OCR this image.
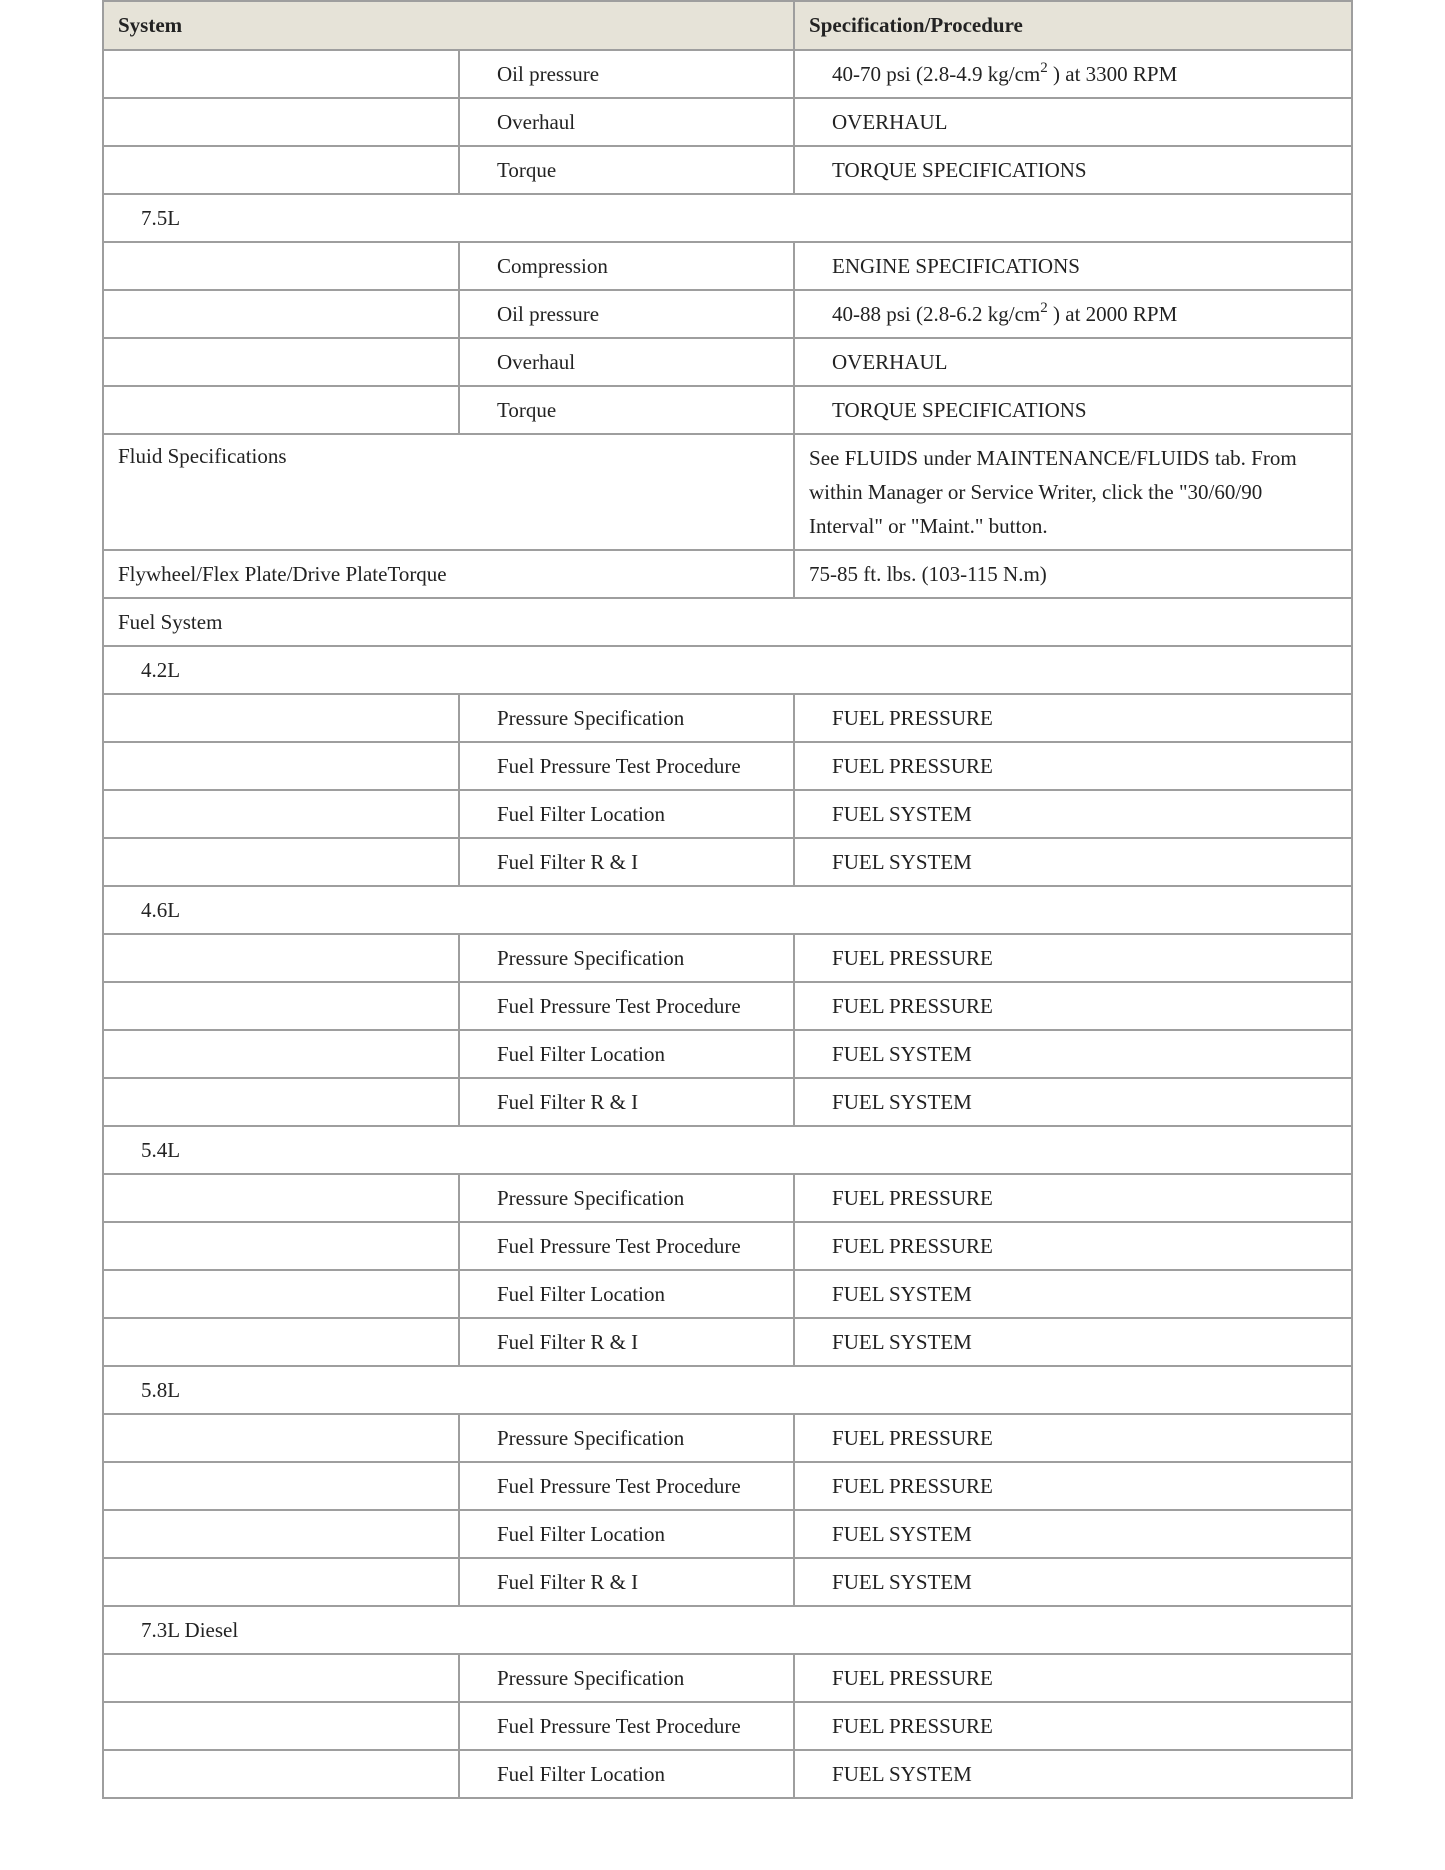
System		Specification/Procedure
	Oil pressure	40-70 psi (2.8-4.9 $kg/cm^2$ ) at 3300 RPM
	Overhaul	OVERHAUL
	Torque	TORQUE SPECIFICATIONS
7.5L		
	Compression	ENGINE SPECIFICATIONS
	Oil pressure	40-88 psi (2.8-6.2 $kg/cm^2$ ) at 2000 RPM
	Overhaul	OVERHAUL
	Torque	TORQUE SPECIFICATIONS
Fluid Specifications		See FLUIDS under MAINTENANCE/FLUIDS tab. From within Manager or Service Writer, click the "30/60/90 Interval" or "Maint." button.
Flywheel/Flex Plate/Drive PlateTorque		75-85 ft. lbs. (103-115 N.m)
Fuel System		
4.2L		
	Pressure Specification	FUEL PRESSURE
	Fuel Pressure Test Procedure	FUEL PRESSURE
	Fuel Filter Location	FUEL SYSTEM
	Fuel Filter R & I	FUEL SYSTEM
4.6L		
	Pressure Specification	FUEL PRESSURE
	Fuel Pressure Test Procedure	FUEL PRESSURE
	Fuel Filter Location	FUEL SYSTEM
	Fuel Filter R & I	FUEL SYSTEM
5.4L		
	Pressure Specification	FUEL PRESSURE
	Fuel Pressure Test Procedure	FUEL PRESSURE
	Fuel Filter Location	FUEL SYSTEM
	Fuel Filter R & I	FUEL SYSTEM
5.8L		
	Pressure Specification	FUEL PRESSURE
	Fuel Pressure Test Procedure	FUEL PRESSURE
	Fuel Filter Location	FUEL SYSTEM
	Fuel Filter R & I	FUEL SYSTEM
7.3L Diesel		
	Pressure Specification	FUEL PRESSURE
	Fuel Pressure Test Procedure	FUEL PRESSURE
	Fuel Filter Location	FUEL SYSTEM
